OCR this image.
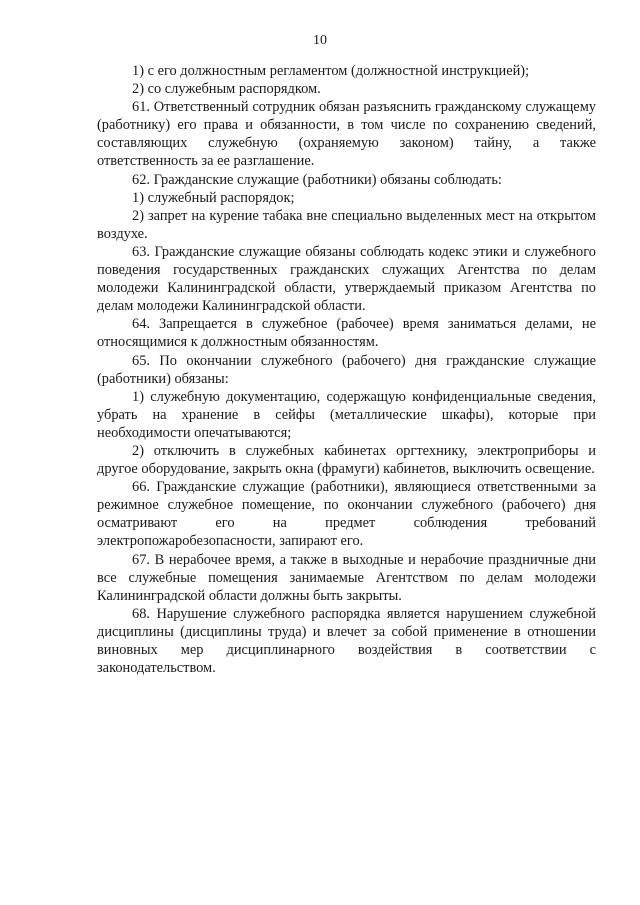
10

1) с его должностным регламентом (должностной инструкцией);

2) со служебным распорядком.

61. Ответственный сотрудник обязан разъяснить гражданскому служащему (работнику) его права и обязанности, в том числе по сохранению сведений, составляющих служебную (охраняемую законом) тайну, а также ответственность за ее разглашение.

62. Гражданские служащие (работники) обязаны соблюдать:

1) служебный распорядок;

2) запрет на курение табака вне специально выделенных мест на открытом воздухе.

63. Гражданские служащие обязаны соблюдать кодекс этики и служебного поведения государственных гражданских служащих Агентства по делам молодежи Калининградской области, утверждаемый приказом Агентства по делам молодежи Калининградской области.

64. Запрещается в служебное (рабочее) время заниматься делами, не относящимися к должностным обязанностям.

65. По окончании служебного (рабочего) дня гражданские служащие (работники) обязаны:

1) служебную документацию, содержащую конфиденциальные сведения, убрать на хранение в сейфы (металлические шкафы), которые при необходимости опечатываются;

2) отключить в служебных кабинетах оргтехнику, электроприборы и другое оборудование, закрыть окна (фрамуги) кабинетов, выключить освещение.

66. Гражданские служащие (работники), являющиеся ответственными за режимное служебное помещение, по окончании служебного (рабочего) дня осматривают его на предмет соблюдения требований электропожаробезопасности, запирают его.

67. В нерабочее время, а также в выходные и нерабочие праздничные дни все служебные помещения занимаемые Агентством по делам молодежи Калининградской области должны быть закрыты.

68. Нарушение служебного распорядка является нарушением служебной дисциплины (дисциплины труда) и влечет за собой применение в отношении виновных мер дисциплинарного воздействия в соответствии с законодательством.
